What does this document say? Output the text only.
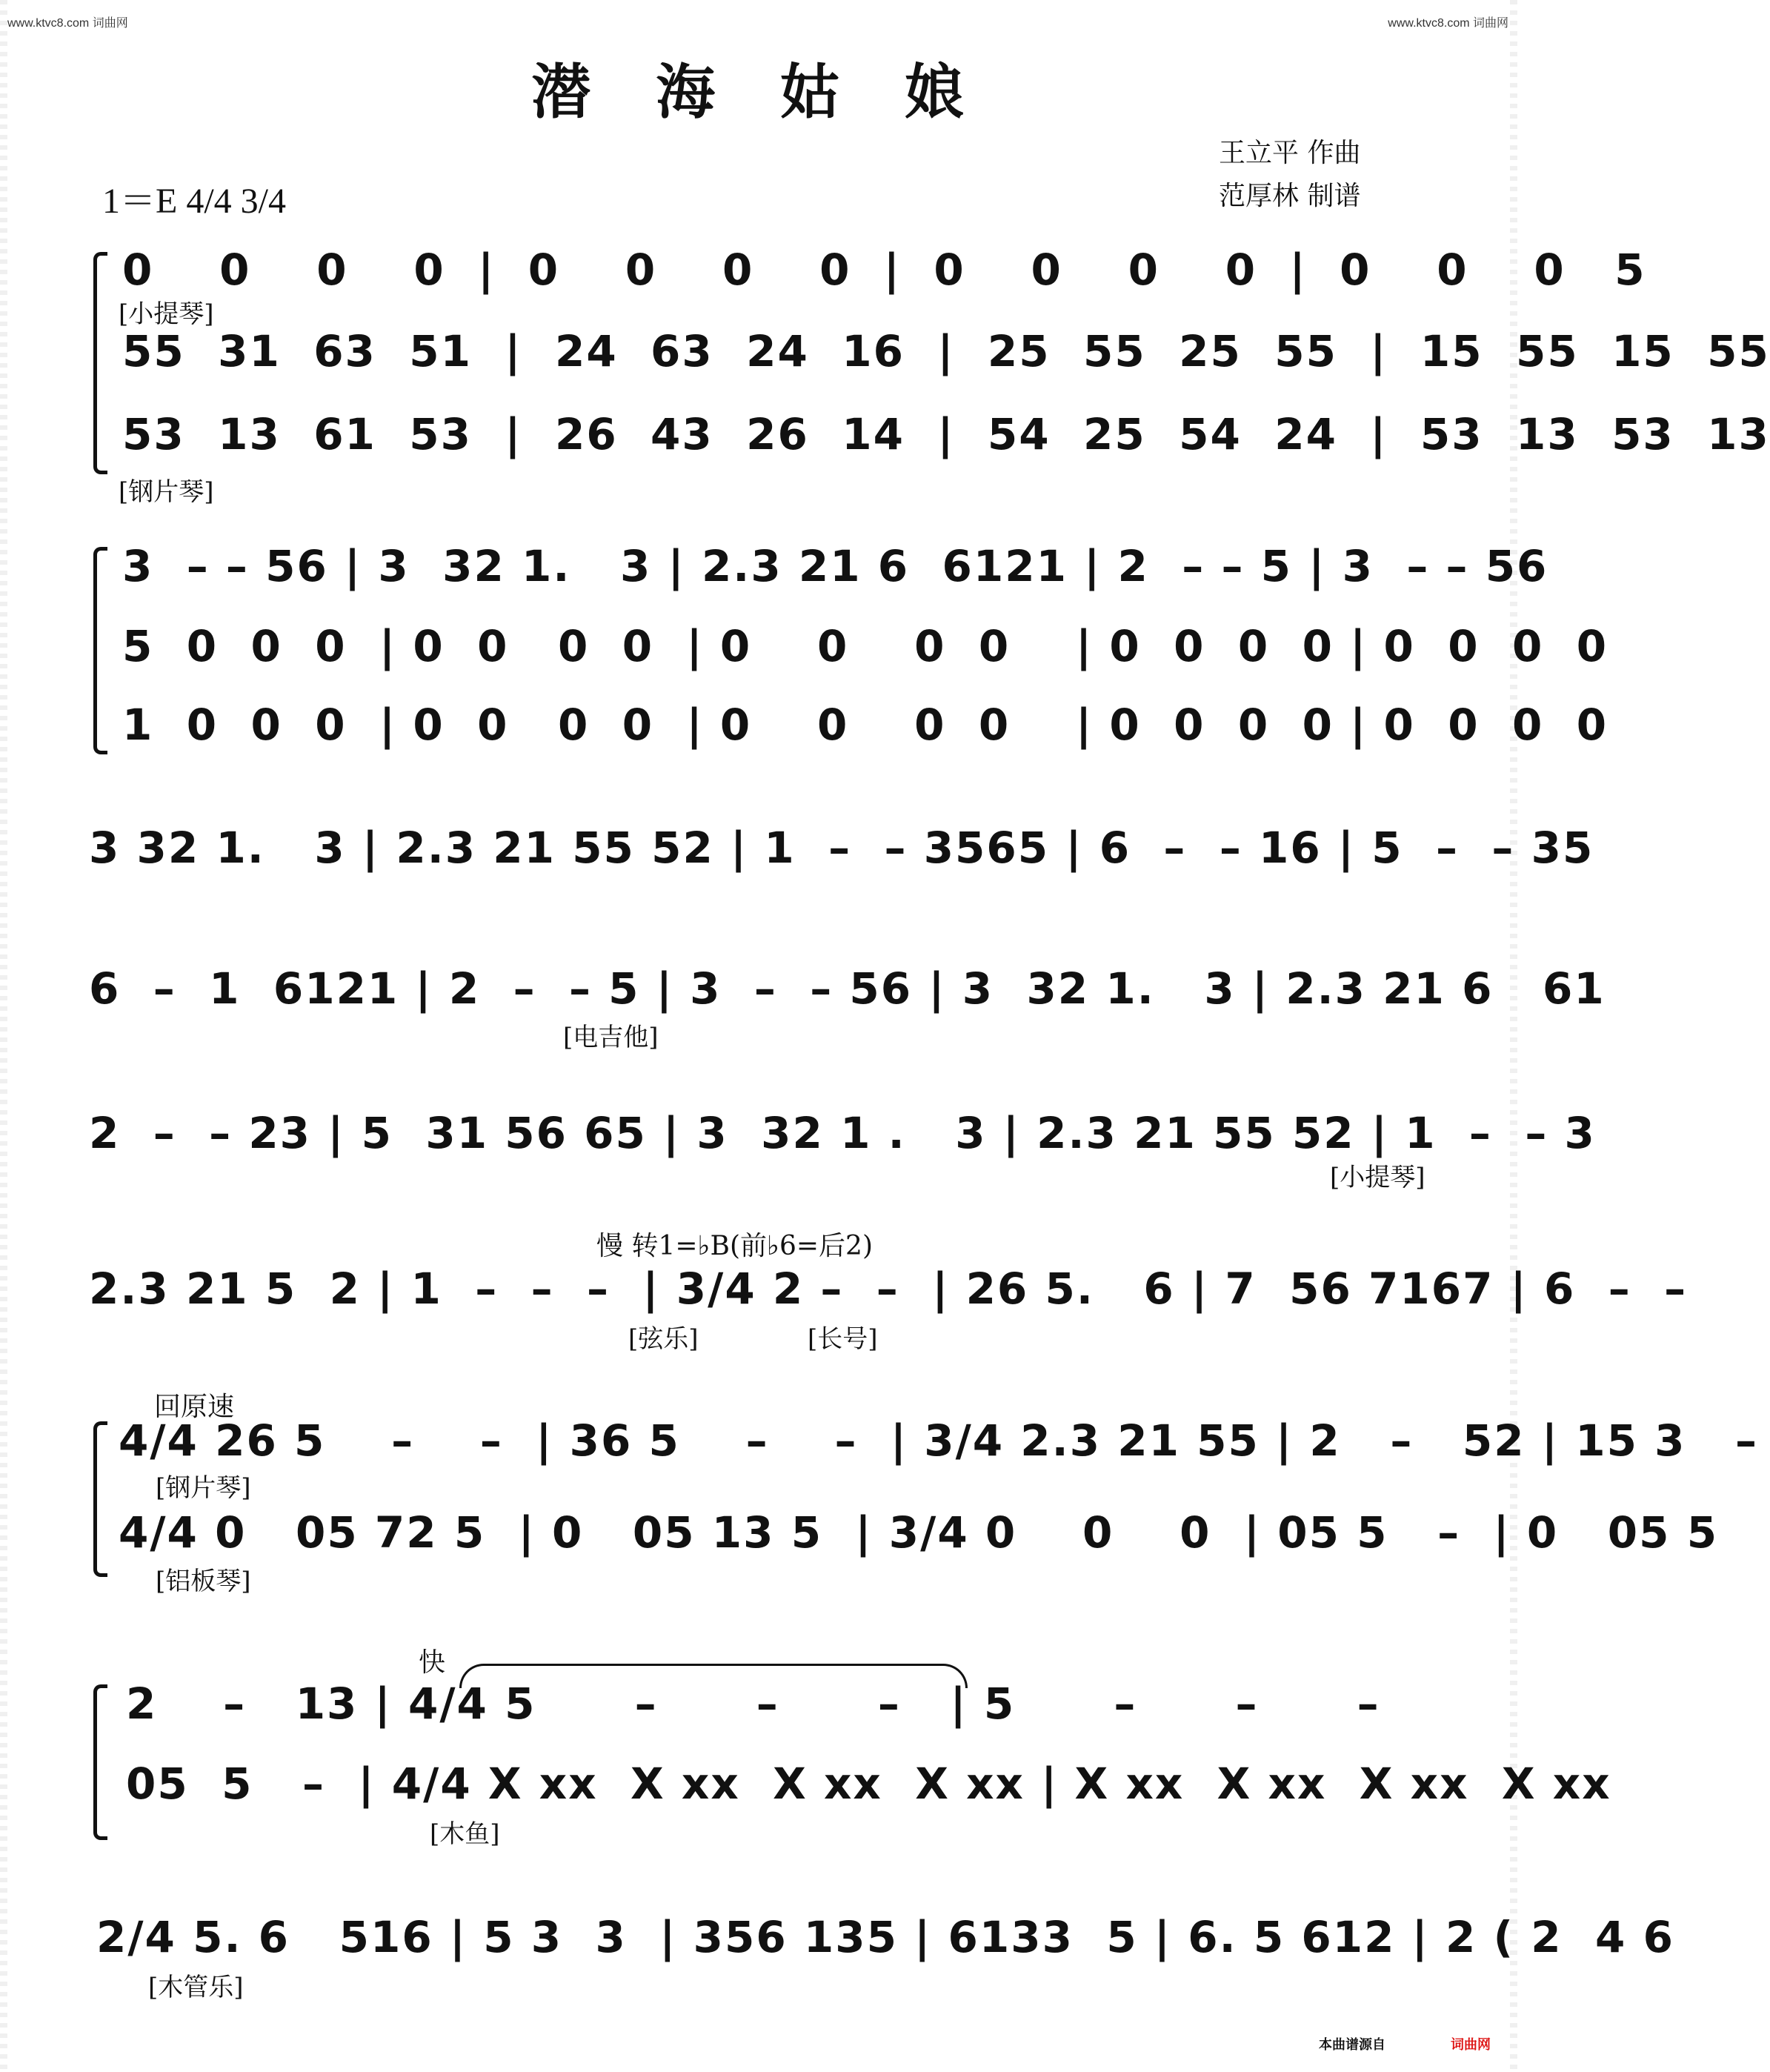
www.ktvc8.com 词曲网	www.ktvc8.com 词曲网
潜 海 姑 娘
王立平 作曲
范厚林 制谱
1＝E 4/4 3/4
0    0    0    0  |  0    0    0    0  |  0    0    0    0  |  0    0    0   5
55  31  63  51  |  24  63  24  16  |  25  55  25  55  |  15  55  15  55
53  13  61  53  |  26  43  26  14  |  54  25  54  24  |  53  13  53  13
[小提琴]
[钢片琴]
3  – – 56 | 3  32 1.   3 | 2.3 21 6  6121 | 2  – – 5 | 3  – – 56
5  0  0  0  | 0  0   0  0  | 0    0    0  0    | 0  0  0  0 | 0  0  0  0
1  0  0  0  | 0  0   0  0  | 0    0    0  0    | 0  0  0  0 | 0  0  0  0
3 32 1.   3 | 2.3 21 55 52 | 1  –  – 3565 | 6  –  – 16 | 5  –  – 35
6  –  1  6121 | 2  –  – 5 | 3  –  – 56 | 3  32 1.   3 | 2.3 21 6   61
[电吉他]
2  –  – 23 | 5  31 56 65 | 3  32 1 .   3 | 2.3 21 55 52 | 1  –  – 3
[小提琴]
慢 转1=♭B(前♭6=后2)
2.3 21 5  2 | 1  –  –  –  | 3/4 2 –  –  | 26 5.   6 | 7  56 7167 | 6  –  –
[弦乐]	[长号]
回原速
4/4 26 5    –    –  | 36 5    –    –  | 3/4 2.3 21 55 | 2   –   52 | 15 3   –
4/4 0   05 72 5  | 0   05 13 5  | 3/4 0    0    0  | 05 5   –  | 0   05 5
[钢片琴]
[铝板琴]
快
2    –   13 | 4/4 5      –      –      –   | 5      –      –      –
05  5   –  | 4/4 X xx  X xx  X xx  X xx | X xx  X xx  X xx  X xx
[木鱼]
2/4 5. 6   516 | 5 3  3  | 356 135 | 6133  5 | 6. 5 612 | 2 ( 2  4 6
[木管乐]
本曲谱源自	词曲网
